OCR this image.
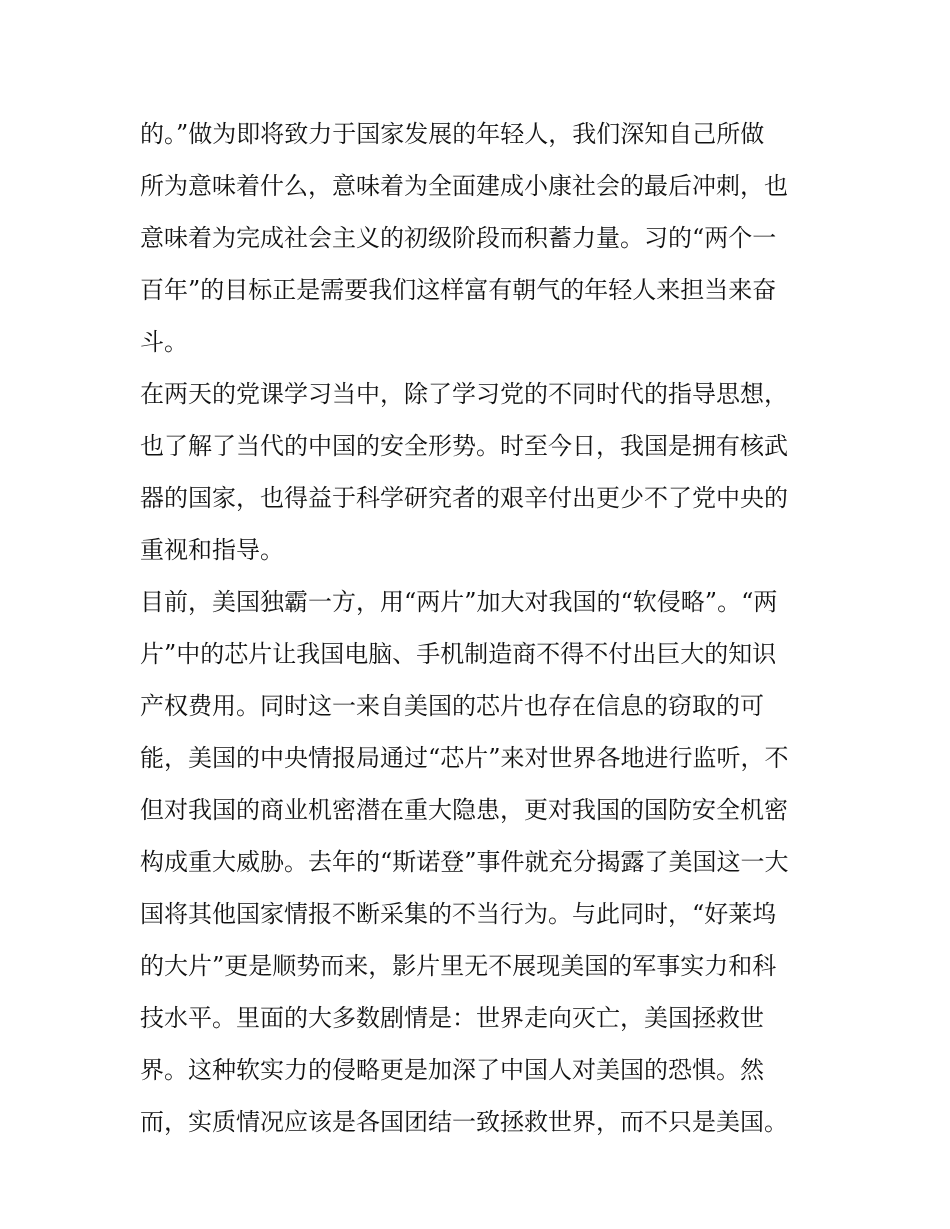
的。”做为即将致力于国家发展的年轻人，我们深知自己所做
所为意味着什么，意味着为全面建成小康社会的最后冲刺，也
意味着为完成社会主义的初级阶段而积蓄力量。习的“两个一
百年”的目标正是需要我们这样富有朝气的年轻人来担当来奋
斗。
在两天的党课学习当中，除了学习党的不同时代的指导思想，
也了解了当代的中国的安全形势。时至今日，我国是拥有核武
器的国家，也得益于科学研究者的艰辛付出更少不了党中央的
重视和指导。
目前，美国独霸一方，用“两片”加大对我国的“软侵略”。“两
片”中的芯片让我国电脑、手机制造商不得不付出巨大的知识
产权费用。同时这一来自美国的芯片也存在信息的窃取的可
能，美国的中央情报局通过“芯片”来对世界各地进行监听，不
但对我国的商业机密潜在重大隐患，更对我国的国防安全机密
构成重大威胁。去年的“斯诺登”事件就充分揭露了美国这一大
国将其他国家情报不断采集的不当行为。与此同时，“好莱坞
的大片”更是顺势而来，影片里无不展现美国的军事实力和科
技水平。里面的大多数剧情是：世界走向灭亡，美国拯救世
界。这种软实力的侵略更是加深了中国人对美国的恐惧。然
而，实质情况应该是各国团结一致拯救世界，而不只是美国。
